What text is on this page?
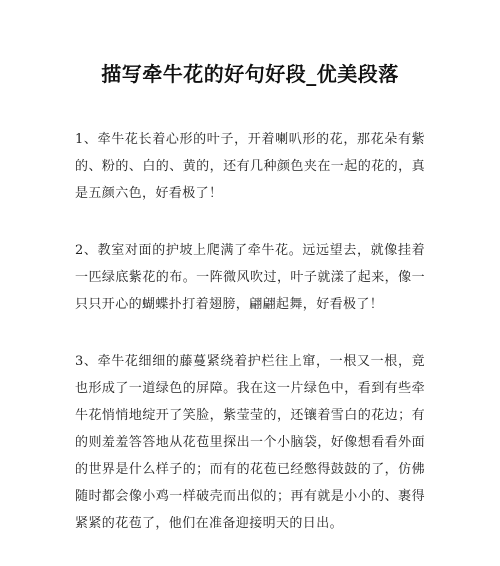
描写牵牛花的好句好段_优美段落

1、牵牛花长着心形的叶子，开着喇叭形的花，那花朵有紫的、粉的、白的、黄的，还有几种颜色夹在一起的花的，真是五颜六色，好看极了！

2、教室对面的护坡上爬满了牵牛花。远远望去，就像挂着一匹绿底紫花的布。一阵微风吹过，叶子就漾了起来，像一只只开心的蝴蝶扑打着翅膀，翩翩起舞，好看极了！

3、牵牛花细细的藤蔓紧绕着护栏往上窜，一根又一根，竟也形成了一道绿色的屏障。我在这一片绿色中，看到有些牵牛花悄悄地绽开了笑脸，紫莹莹的，还镶着雪白的花边；有的则羞羞答答地从花苞里探出一个小脑袋，好像想看看外面的世界是什么样子的；而有的花苞已经憋得鼓鼓的了，仿佛随时都会像小鸡一样破壳而出似的；再有就是小小的、裹得紧紧的花苞了，他们在准备迎接明天的日出。
